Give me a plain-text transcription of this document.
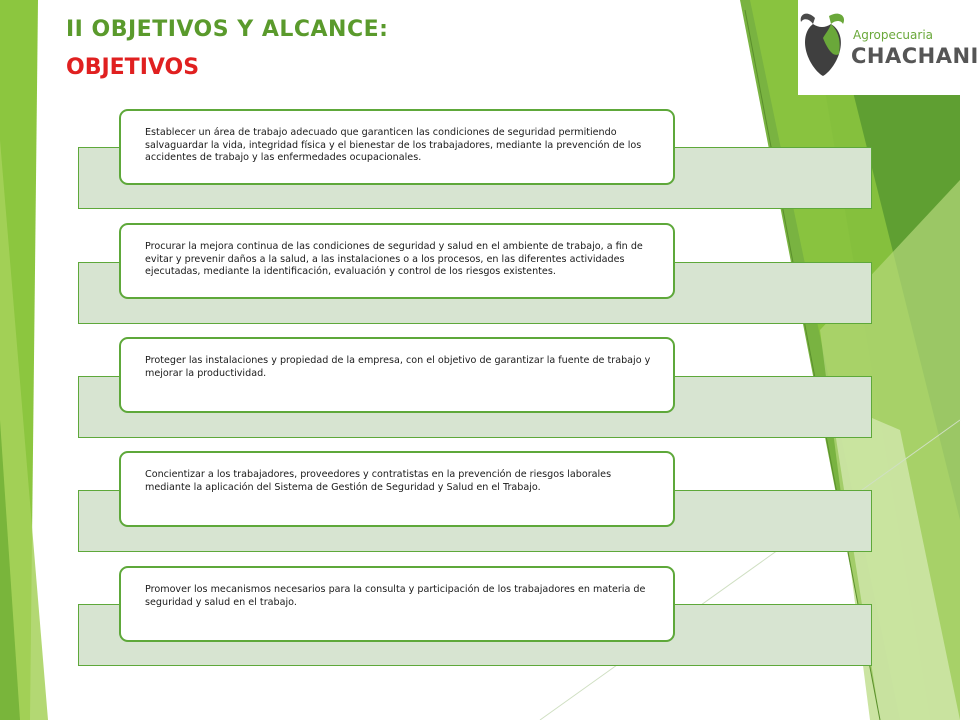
II OBJETIVOS Y ALCANCE:
OBJETIVOS
Agropecuaria
CHACHANI
Establecer un área de trabajo adecuado que garanticen las condiciones de seguridad permitiendo salvaguardar la vida, integridad física y el bienestar de los trabajadores, mediante la prevención de los accidentes de trabajo y las enfermedades ocupacionales.
Procurar la mejora continua de las condiciones de seguridad y salud en el ambiente de trabajo, a fin de evitar y prevenir daños a la salud, a las instalaciones o a los procesos, en las diferentes actividades ejecutadas, mediante la identificación, evaluación y control de los riesgos existentes.
Proteger las instalaciones y propiedad de la empresa, con el objetivo de garantizar la fuente de trabajo y mejorar la productividad.
Concientizar a los trabajadores, proveedores y contratistas en la prevención de riesgos laborales mediante la aplicación del Sistema de Gestión de Seguridad y Salud en el Trabajo.
Promover los mecanismos necesarios para la consulta y participación de los trabajadores en materia de seguridad y salud en el trabajo.
